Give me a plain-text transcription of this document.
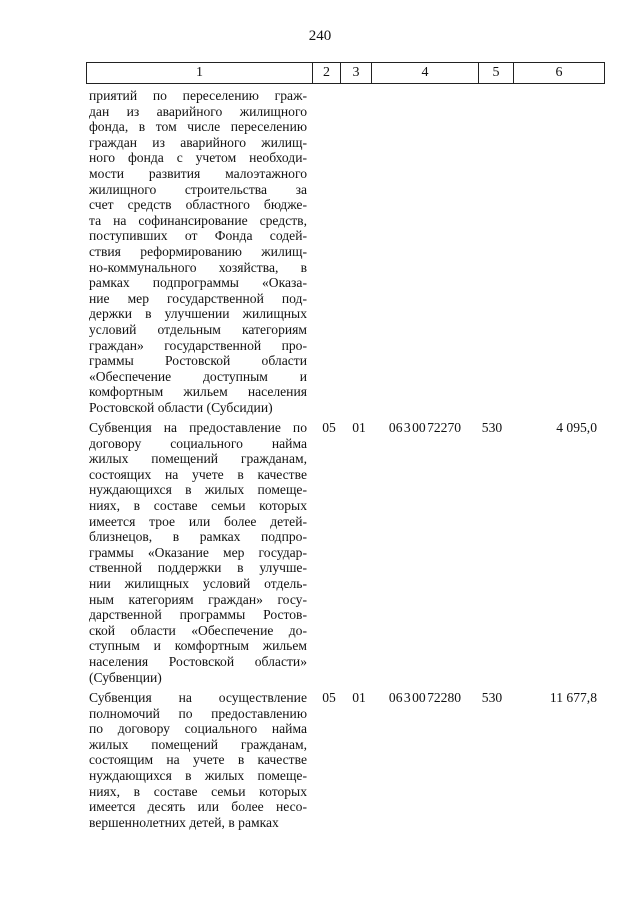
240
1	2	3	4	5	6
приятий по переселению граж-
дан из аварийного жилищного
фонда, в том числе переселению
граждан из аварийного жилищ-
ного фонда с учетом необходи-
мости развития малоэтажного
жилищного строительства за
счет средств областного бюдже-
та на софинансирование средств,
поступивших от Фонда содей-
ствия реформированию жилищ-
но-коммунального хозяйства, в
рамках подпрограммы «Оказа-
ние мер государственной под-
держки в улучшении жилищных
условий отдельным категориям
граждан» государственной про-
граммы Ростовской области
«Обеспечение доступным и
комфортным жильем населения
Ростовской области (Субсидии)
Субвенция на предоставление по
договору социального найма
жилых помещений гражданам,
состоящих на учете в качестве
нуждающихся в жилых помеще-
ниях, в составе семьи которых
имеется трое или более детей-
близнецов, в рамках подпро-
граммы «Оказание мер государ-
ственной поддержки в улучше-
нии жилищных условий отдель-
ным категориям граждан» госу-
дарственной программы Ростов-
ской области «Обеспечение до-
ступным и комфортным жильем
населения Ростовской области»
(Субвенции)
05	01	06 3 00 72270	530	4 095,0
Субвенция на осуществление
полномочий по предоставлению
по договору социального найма
жилых помещений гражданам,
состоящим на учете в качестве
нуждающихся в жилых помеще-
ниях, в составе семьи которых
имеется десять или более несо-
вершеннолетних детей, в рамках
05	01	06 3 00 72280	530	11 677,8
